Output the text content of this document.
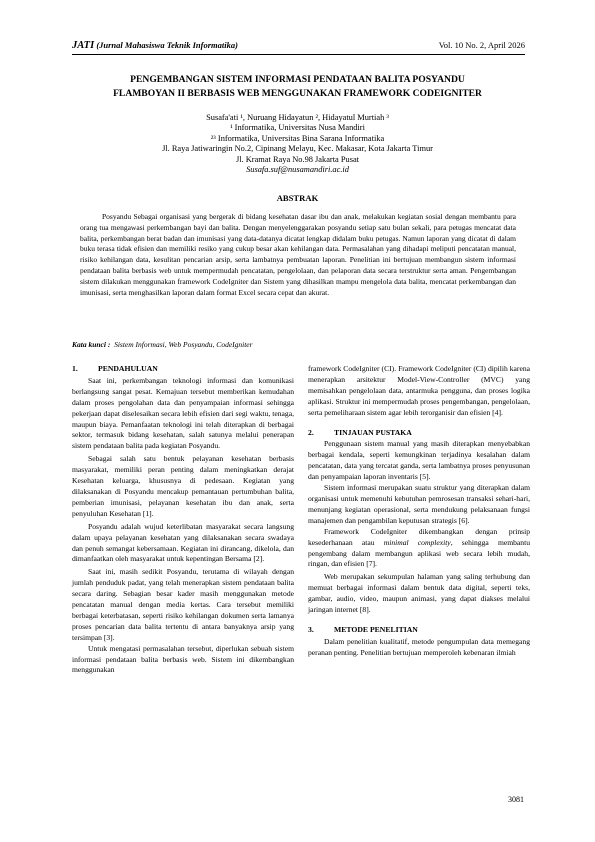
JATI (Jurnal Mahasiswa Teknik Informatika)	Vol. 10 No. 2, April 2026
PENGEMBANGAN SISTEM INFORMASI PENDATAAN BALITA POSYANDU
FLAMBOYAN II BERBASIS WEB MENGGUNAKAN FRAMEWORK CODEIGNITER
Susafa'ati ¹, Nuruang Hidayatun ², Hidayatul Murtiah ³
¹ Informatika, Universitas Nusa Mandiri
²³ Informatika, Universitas Bina Sarana Informatika
Jl. Raya Jatiwaringin No.2, Cipinang Melayu, Kec. Makasar, Kota Jakarta Timur
Jl. Kramat Raya No.98 Jakarta Pusat
Susafa.suf@nusamandiri.ac.id
ABSTRAK
Posyandu Sebagai organisasi yang bergerak di bidang kesehatan dasar ibu dan anak, melakukan kegiatan sosial dengan membantu para orang tua mengawasi perkembangan bayi dan balita. Dengan menyelenggarakan posyandu setiap satu bulan sekali, para petugas mencatat data balita, perkembangan berat badan dan imunisasi yang data-datanya dicatat lengkap didalam buku petugas. Namun laporan yang dicatat di dalam buku terasa tidak efisien dan memiliki resiko yang cukup besar akan kehilangan data. Permasalahan yang dihadapi meliputi pencatatan manual, risiko kehilangan data, kesulitan pencarian arsip, serta lambatnya pembuatan laporan. Penelitian ini bertujuan membangun sistem informasi pendataan balita berbasis web untuk mempermudah pencatatan, pengelolaan, dan pelaporan data secara terstruktur serta aman. Pengembangan sistem dilakukan menggunakan framework CodeIgniter dan Sistem yang dihasilkan mampu mengelola data balita, mencatat perkembangan dan imunisasi, serta menghasilkan laporan dalam format Excel secara cepat dan akurat.
Kata kunci : Sistem Informasi, Web Posyandu, CodeIgniter
1.	PENDAHULUAN

Saat ini, perkembangan teknologi informasi dan komunikasi berlangsung sangat pesat. Kemajuan tersebut memberikan kemudahan dalam proses pengolahan data dan penyampaian informasi sehingga pekerjaan dapat diselesaikan secara lebih efisien dari segi waktu, tenaga, maupun biaya. Pemanfaatan teknologi ini telah diterapkan di berbagai sektor, termasuk bidang kesehatan, salah satunya melalui penerapan sistem pendataan balita pada kegiatan Posyandu.

Sebagai salah satu bentuk pelayanan kesehatan berbasis masyarakat, memiliki peran penting dalam meningkatkan derajat Kesehatan keluarga, khususnya di pedesaan. Kegiatan yang dilaksanakan di Posyandu mencakup pemantauan pertumbuhan balita, pemberian imunisasi, pelayanan kesehatan ibu dan anak, serta penyuluhan Kesehatan [1].

Posyandu adalah wujud keterlibatan masyarakat secara langsung dalam upaya pelayanan kesehatan yang dilaksanakan secara swadaya dan penuh semangat kebersamaan. Kegiatan ini dirancang, dikelola, dan dimanfaatkan oleh masyarakat untuk kepentingan Bersama [2].

Saat ini, masih sedikit Posyandu, terutama di wilayah dengan jumlah penduduk padat, yang telah menerapkan sistem pendataan balita secara daring. Sebagian besar kader masih menggunakan metode pencatatan manual dengan media kertas. Cara tersebut memiliki berbagai keterbatasan, seperti risiko kehilangan dokumen serta lamanya proses pencarian data balita tertentu di antara banyaknya arsip yang tersimpan [3].

Untuk mengatasi permasalahan tersebut, diperlukan sebuah sistem informasi pendataan balita berbasis web. Sistem ini dikembangkan menggunakan

framework CodeIgniter (CI). Framework CodeIgniter (CI) dipilih karena menerapkan arsitektur Model-View-Controller (MVC) yang memisahkan pengelolaan data, antarmuka pengguna, dan proses logika aplikasi. Struktur ini mempermudah proses pengembangan, pengelolaan, serta pemeliharaan sistem agar lebih terorganisir dan efisien [4].

2.	TINJAUAN PUSTAKA

Penggunaan sistem manual yang masih diterapkan menyebabkan berbagai kendala, seperti kemungkinan terjadinya kesalahan dalam pencatatan, data yang tercatat ganda, serta lambatnya proses penyusunan dan penyampaian laporan inventaris [5].

Sistem informasi merupakan suatu struktur yang diterapkan dalam organisasi untuk memenuhi kebutuhan pemrosesan transaksi sehari-hari, menunjang kegiatan operasional, serta mendukung pelaksanaan fungsi manajemen dan pengambilan keputusan strategis [6].

Framework CodeIgniter dikembangkan dengan prinsip kesederhanaan atau minimal complexity, sehingga membantu pengembang dalam membangun aplikasi web secara lebih mudah, ringan, dan efisien [7].

Web merupakan sekumpulan halaman yang saling terhubung dan memuat berbagai informasi dalam bentuk data digital, seperti teks, gambar, audio, video, maupun animasi, yang dapat diakses melalui jaringan internet [8].

3.	METODE PENELITIAN

Dalam penelitian kualitatif, metode pengumpulan data memegang peranan penting. Penelitian bertujuan memperoleh kebenaran ilmiah

3081
